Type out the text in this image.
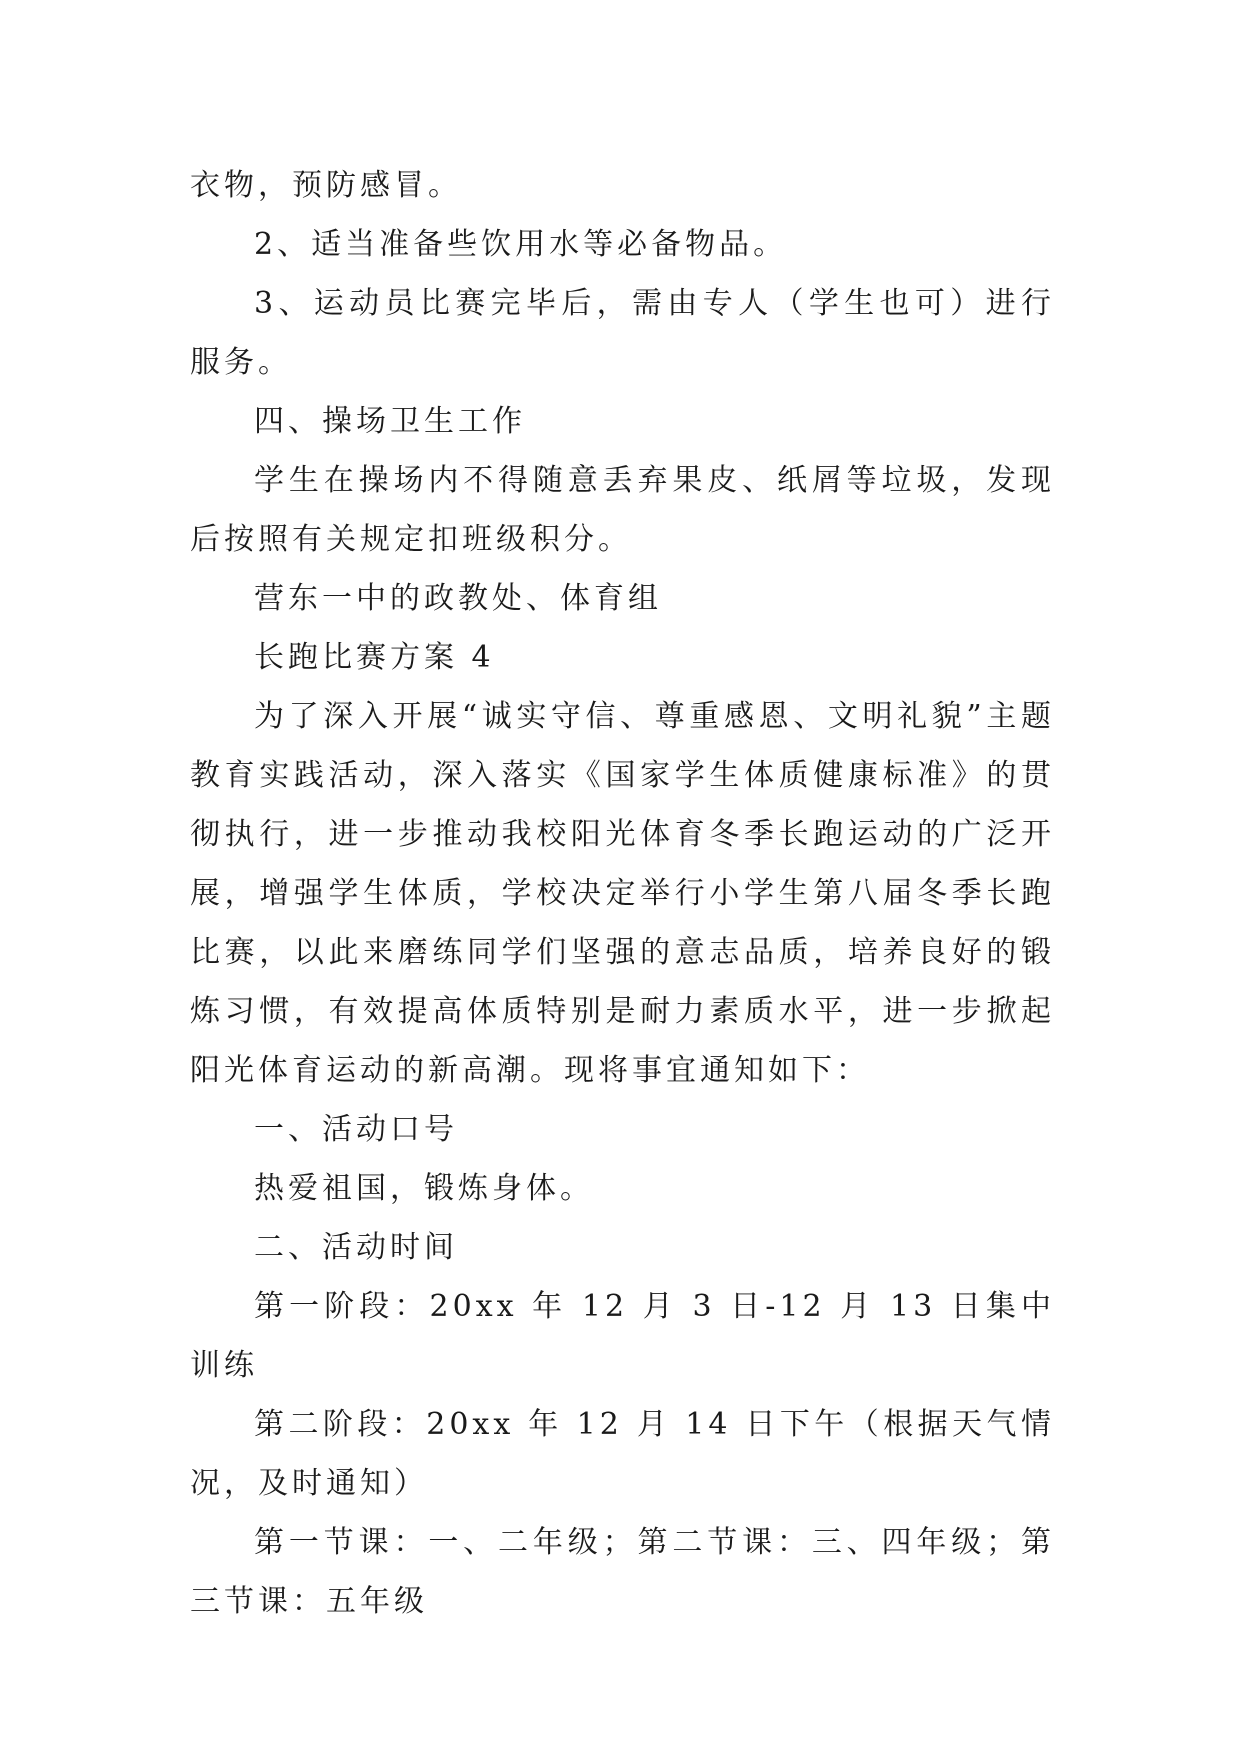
衣物，预防感冒。

2、适当准备些饮用水等必备物品。

3、运动员比赛完毕后，需由专人（学生也可）进行服务。

四、操场卫生工作

学生在操场内不得随意丢弃果皮、纸屑等垃圾，发现后按照有关规定扣班级积分。

营东一中的政教处、体育组

长跑比赛方案 4

为了深入开展“诚实守信、尊重感恩、文明礼貌”主题教育实践活动，深入落实《国家学生体质健康标准》的贯彻执行，进一步推动我校阳光体育冬季长跑运动的广泛开展，增强学生体质，学校决定举行小学生第八届冬季长跑比赛，以此来磨练同学们坚强的意志品质，培养良好的锻炼习惯，有效提高体质特别是耐力素质水平，进一步掀起阳光体育运动的新高潮。现将事宜通知如下：

一、活动口号

热爱祖国，锻炼身体。

二、活动时间

第一阶段：20xx 年 12 月 3 日-12 月 13 日集中训练

第二阶段：20xx 年 12 月 14 日下午（根据天气情况，及时通知）

第一节课：一、二年级；第二节课：三、四年级；第三节课：五年级
